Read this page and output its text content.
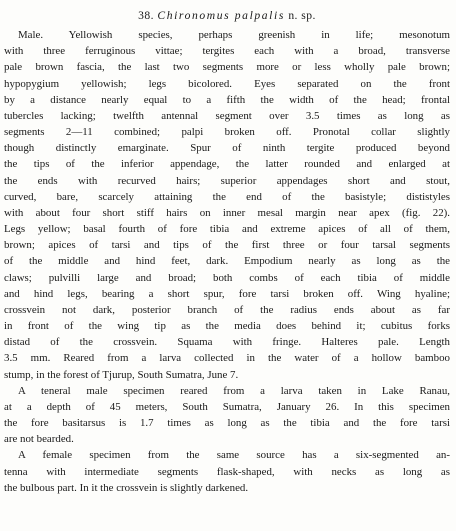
38. Chironomus palpalis n. sp.

Male. Yellowish species, perhaps greenish in life; mesonotum
with three ferruginous vittae; tergites each with a broad, transverse
pale brown fascia, the last two segments more or less wholly pale brown;
hypopygium yellowish; legs bicolored. Eyes separated on the front
by a distance nearly equal to a fifth the width of the head; frontal
tubercles lacking; twelfth antennal segment over 3.5 times as long as
segments 2—11 combined; palpi broken off. Pronotal collar slightly
though distinctly emarginate. Spur of ninth tergite produced beyond
the tips of the inferior appendage, the latter rounded and enlarged at
the ends with recurved hairs; superior appendages short and stout,
curved, bare, scarcely attaining the end of the basistyle; dististyles
with about four short stiff hairs on inner mesal margin near apex (fig. 22).
Legs yellow; basal fourth of fore tibia and extreme apices of all of them,
brown; apices of tarsi and tips of the first three or four tarsal segments
of the middle and hind feet, dark. Empodium nearly as long as the
claws; pulvilli large and broad; both combs of each tibia of middle
and hind legs, bearing a short spur, fore tarsi broken off. Wing hyaline;
crossvein not dark, posterior branch of the radius ends about as far
in front of the wing tip as the media does behind it; cubitus forks
distad of the crossvein. Squama with fringe. Halteres pale. Length
3.5 mm. Reared from a larva collected in the water of a hollow bamboo
stump, in the forest of Tjurup, South Sumatra, June 7.

A teneral male specimen reared from a larva taken in Lake Ranau,
at a depth of 45 meters, South Sumatra, January 26. In this specimen
the fore basitarsus is 1.7 times as long as the tibia and the fore tarsi
are not bearded.

A female specimen from the same source has a six-segmented an-
tenna with intermediate segments flask-shaped, with necks as long as
the bulbous part. In it the crossvein is slightly darkened.
